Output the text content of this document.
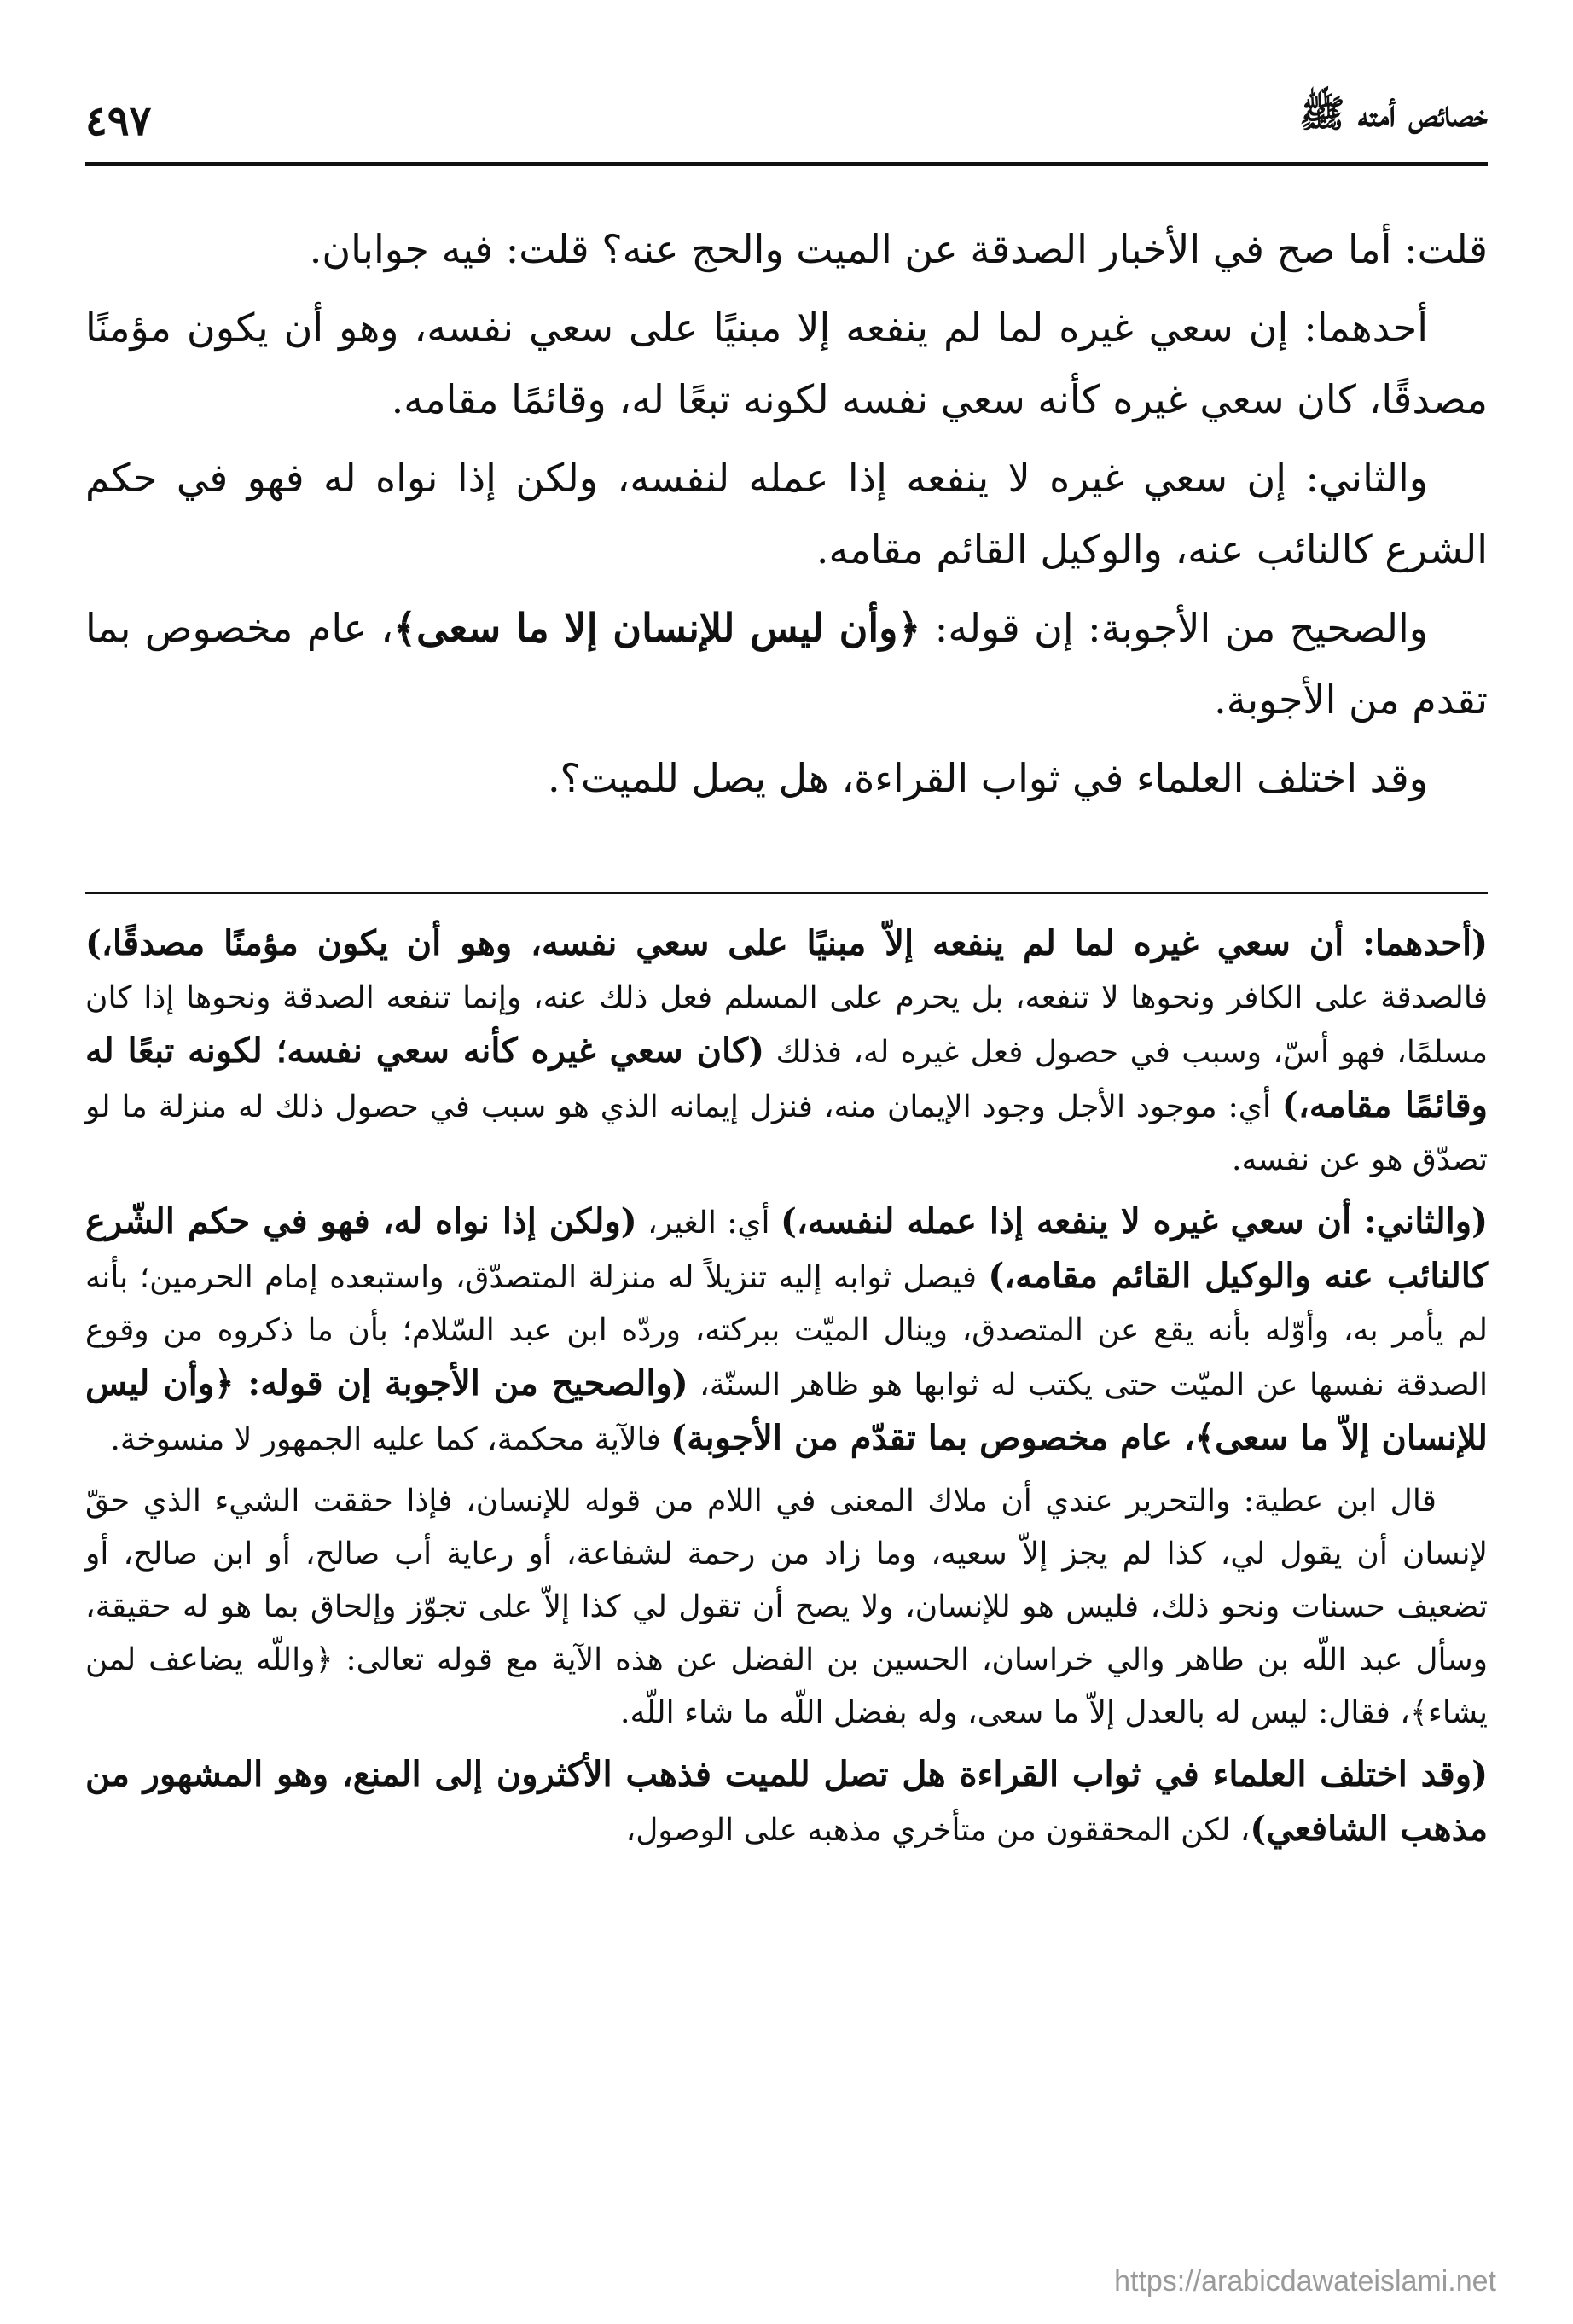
خصائص أمته ﷺ
٤٩٧

قلت: أما صح في الأخبار الصدقة عن الميت والحج عنه؟ قلت: فيه جوابان.

أحدهما: إن سعي غيره لما لم ينفعه إلا مبنيًا على سعي نفسه، وهو أن يكون مؤمنًا مصدقًا، كان سعي غيره كأنه سعي نفسه لكونه تبعًا له، وقائمًا مقامه.

والثاني: إن سعي غيره لا ينفعه إذا عمله لنفسه، ولكن إذا نواه له فهو في حكم الشرع كالنائب عنه، والوكيل القائم مقامه.

والصحيح من الأجوبة: إن قوله: ﴿وأن ليس للإنسان إلا ما سعى﴾، عام مخصوص بما تقدم من الأجوبة.

وقد اختلف العلماء في ثواب القراءة، هل يصل للميت؟.

(أحدهما: أن سعي غيره لما لم ينفعه إلاّ مبنيًا على سعي نفسه، وهو أن يكون مؤمنًا مصدقًا،) فالصدقة على الكافر ونحوها لا تنفعه، بل يحرم على المسلم فعل ذلك عنه، وإنما تنفعه الصدقة ونحوها إذا كان مسلمًا، فهو أسّ، وسبب في حصول فعل غيره له، فذلك (كان سعي غيره كأنه سعي نفسه؛ لكونه تبعًا له وقائمًا مقامه،) أي: موجود الأجل وجود الإيمان منه، فنزل إيمانه الذي هو سبب في حصول ذلك له منزلة ما لو تصدّق هو عن نفسه.

(والثاني: أن سعي غيره لا ينفعه إذا عمله لنفسه،) أي: الغير، (ولكن إذا نواه له، فهو في حكم الشّرع كالنائب عنه والوكيل القائم مقامه،) فيصل ثوابه إليه تنزيلاً له منزلة المتصدّق، واستبعده إمام الحرمين؛ بأنه لم يأمر به، وأوّله بأنه يقع عن المتصدق، وينال الميّت ببركته، وردّه ابن عبد السّلام؛ بأن ما ذكروه من وقوع الصدقة نفسها عن الميّت حتى يكتب له ثوابها هو ظاهر السنّة، (والصحيح من الأجوبة إن قوله: ﴿وأن ليس للإنسان إلاّ ما سعى﴾، عام مخصوص بما تقدّم من الأجوبة) فالآية محكمة، كما عليه الجمهور لا منسوخة.

قال ابن عطية: والتحرير عندي أن ملاك المعنى في اللام من قوله للإنسان، فإذا حققت الشيء الذي حقّ لإنسان أن يقول لي، كذا لم يجز إلاّ سعيه، وما زاد من رحمة لشفاعة، أو رعاية أب صالح، أو ابن صالح، أو تضعيف حسنات ونحو ذلك، فليس هو للإنسان، ولا يصح أن تقول لي كذا إلاّ على تجوّز وإلحاق بما هو له حقيقة، وسأل عبد اللّه بن طاهر والي خراسان، الحسين بن الفضل عن هذه الآية مع قوله تعالى: ﴿واللّه يضاعف لمن يشاء﴾، فقال: ليس له بالعدل إلاّ ما سعى، وله بفضل اللّه ما شاء اللّه.

(وقد اختلف العلماء في ثواب القراءة هل تصل للميت فذهب الأكثرون إلى المنع، وهو المشهور من مذهب الشافعي)، لكن المحققون من متأخري مذهبه على الوصول،

https://arabicdawateislami.net
